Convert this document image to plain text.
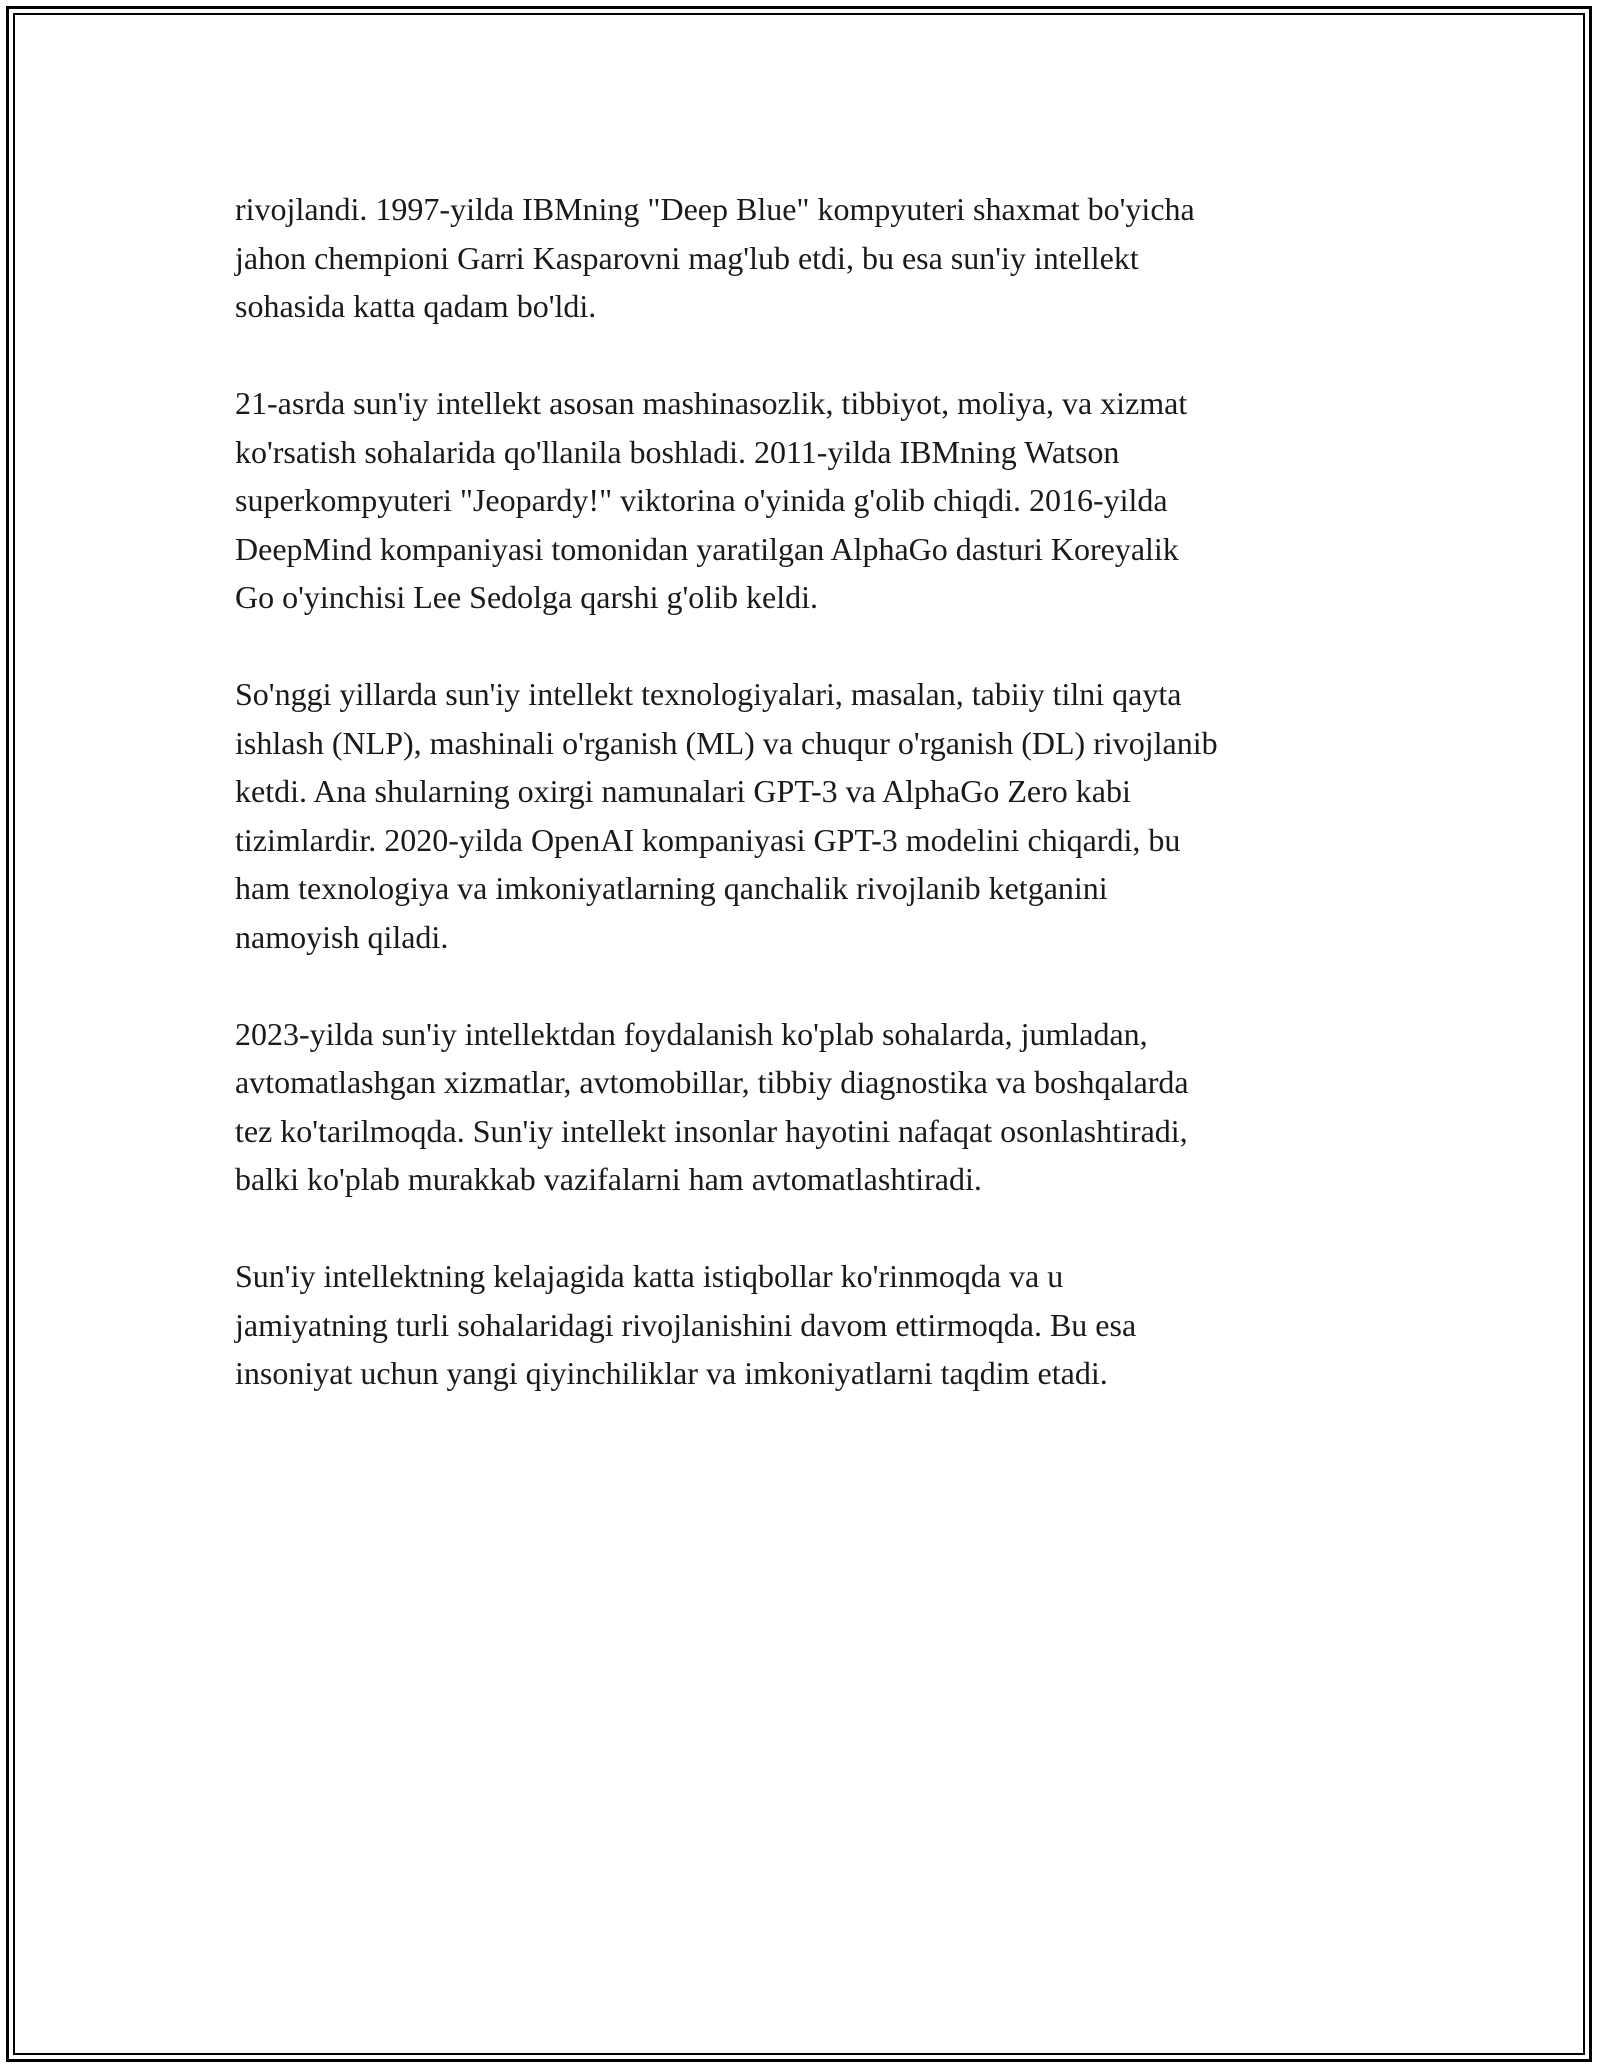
rivojlandi. 1997-yilda IBMning "Deep Blue" kompyuteri shaxmat bo'yicha
jahon chempioni Garri Kasparovni mag'lub etdi, bu esa sun'iy intellekt
sohasida katta qadam bo'ldi.

21-asrda sun'iy intellekt asosan mashinasozlik, tibbiyot, moliya, va xizmat
ko'rsatish sohalarida qo'llanila boshladi. 2011-yilda IBMning Watson
superkompyuteri "Jeopardy!" viktorina o'yinida g'olib chiqdi. 2016-yilda
DeepMind kompaniyasi tomonidan yaratilgan AlphaGo dasturi Koreyalik
Go o'yinchisi Lee Sedolga qarshi g'olib keldi.

So'nggi yillarda sun'iy intellekt texnologiyalari, masalan, tabiiy tilni qayta
ishlash (NLP), mashinali o'rganish (ML) va chuqur o'rganish (DL) rivojlanib
ketdi. Ana shularning oxirgi namunalari GPT-3 va AlphaGo Zero kabi
tizimlardir. 2020-yilda OpenAI kompaniyasi GPT-3 modelini chiqardi, bu
ham texnologiya va imkoniyatlarning qanchalik rivojlanib ketganini
namoyish qiladi.

2023-yilda sun'iy intellektdan foydalanish ko'plab sohalarda, jumladan,
avtomatlashgan xizmatlar, avtomobillar, tibbiy diagnostika va boshqalarda
tez ko'tarilmoqda. Sun'iy intellekt insonlar hayotini nafaqat osonlashtiradi,
balki ko'plab murakkab vazifalarni ham avtomatlashtiradi.

Sun'iy intellektning kelajagida katta istiqbollar ko'rinmoqda va u
jamiyatning turli sohalaridagi rivojlanishini davom ettirmoqda. Bu esa
insoniyat uchun yangi qiyinchiliklar va imkoniyatlarni taqdim etadi.
